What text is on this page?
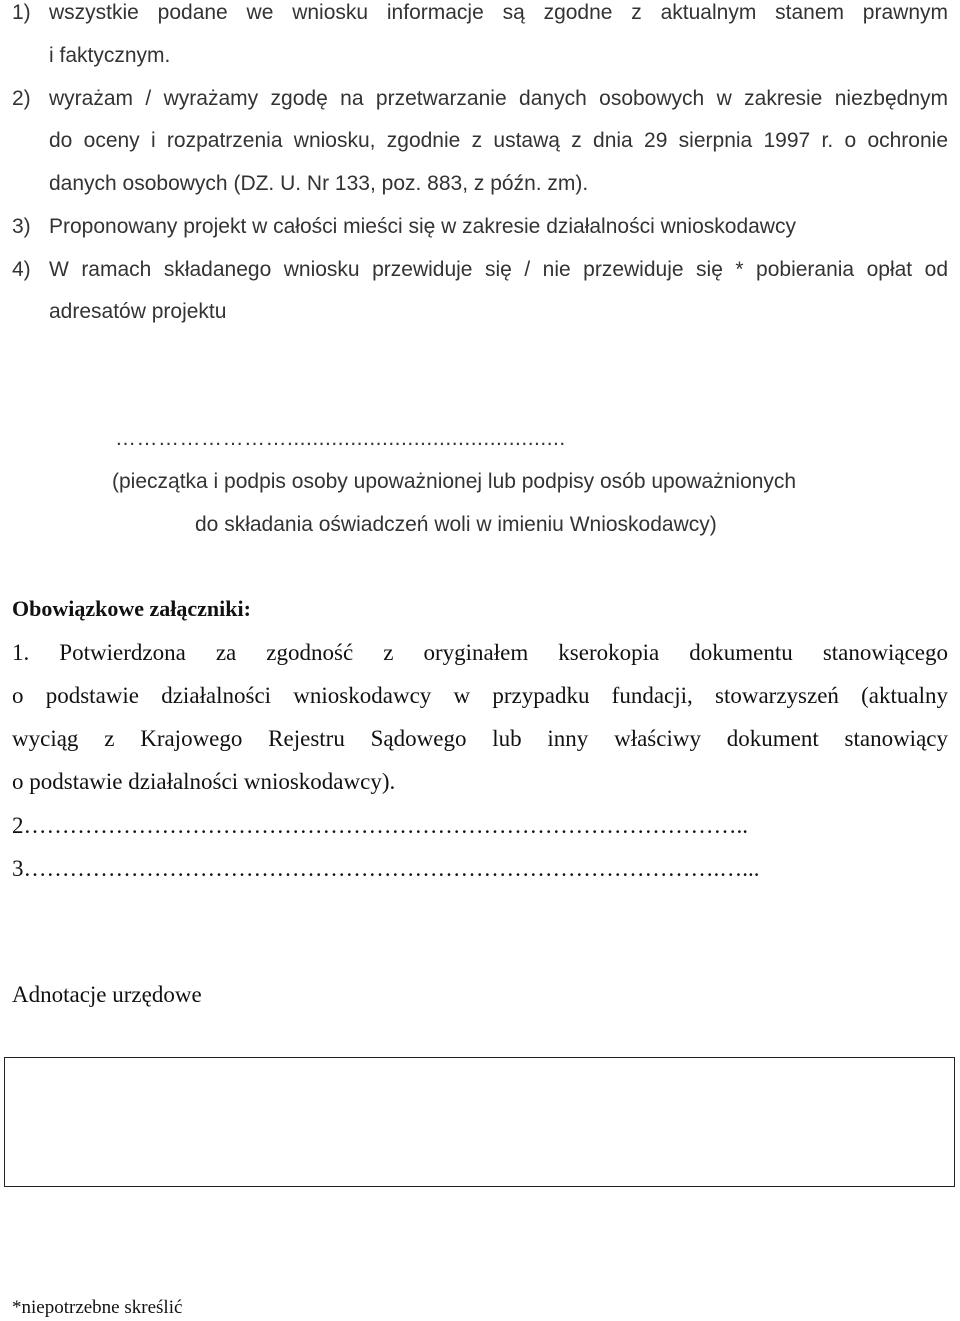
1) wszystkie podane we wniosku informacje są zgodne z aktualnym stanem prawnym
i faktycznym.
2) wyrażam / wyrażamy zgodę na przetwarzanie danych osobowych w zakresie niezbędnym
do oceny i rozpatrzenia wniosku, zgodnie z ustawą z dnia 29 sierpnia 1997 r. o ochronie
danych osobowych (DZ. U. Nr 133, poz. 883, z późn. zm).
3) Proponowany projekt w całości mieści się w zakresie działalności wnioskodawcy
4) W ramach składanego wniosku przewiduje się / nie przewiduje się * pobierania opłat od
adresatów projektu
……………………............................................
(pieczątka i podpis osoby upoważnionej lub podpisy osób upoważnionych
do składania oświadczeń woli w imieniu Wnioskodawcy)
Obowiązkowe załączniki:
1. Potwierdzona za zgodność z oryginałem kserokopia dokumentu stanowiącego
o podstawie działalności wnioskodawcy w przypadku fundacji, stowarzyszeń (aktualny
wyciąg z Krajowego Rejestru Sądowego lub inny właściwy dokument stanowiący
o podstawie działalności wnioskodawcy).
2…………………………………………………………………………………..
3……………………………………………………………………………….…...
Adnotacje urzędowe
*niepotrzebne skreślić
